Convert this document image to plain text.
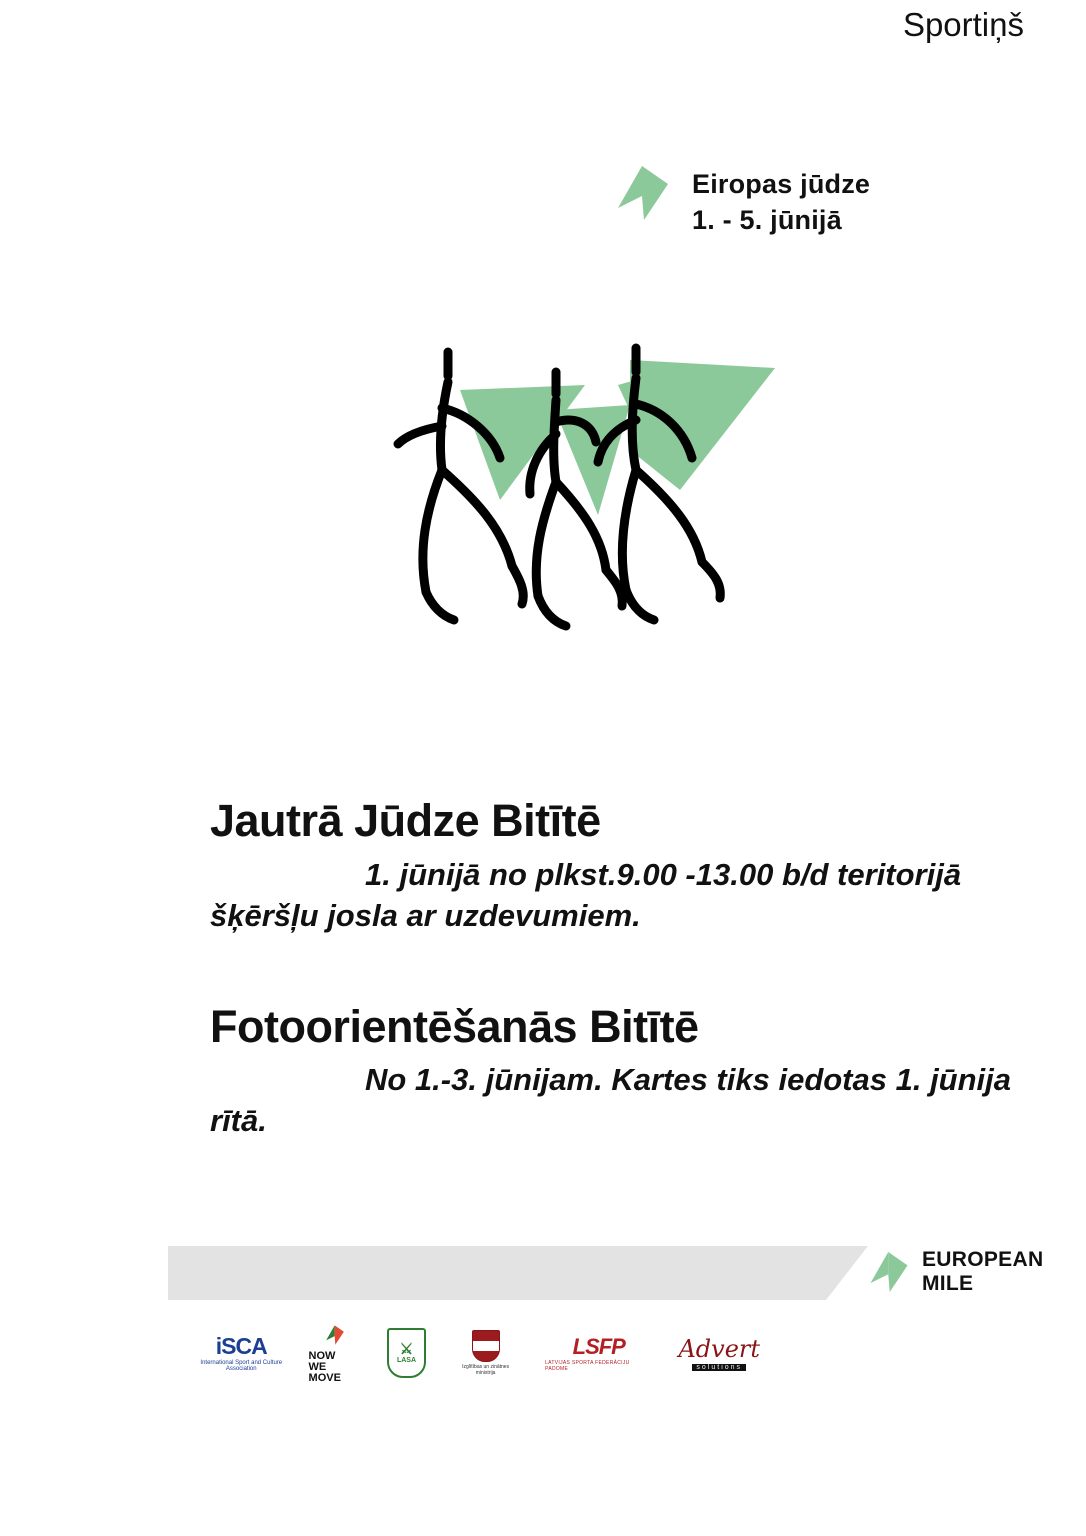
Eiropas jūdze
1. - 5. jūnijā
Jautrā Jūdze Bitītē

1. jūnijā no plkst.9.00 -13.00 b/d teritorijā šķēršļu josla ar uzdevumiem.

Fotoorientēšanās Bitītē

No 1.-3. jūnijam. Kartes tiks iedotas 1. jūnija rītā.

Sportiņš
EUROPEAN MILE
iSCA
International Sport and Culture Association
NOW
WE MOVE
⚔
LASA
Izglītības un zinātnes ministrija
LSFP
LATVIJAS SPORTA FEDERĀCIJU PADOME
Advert
solutions
